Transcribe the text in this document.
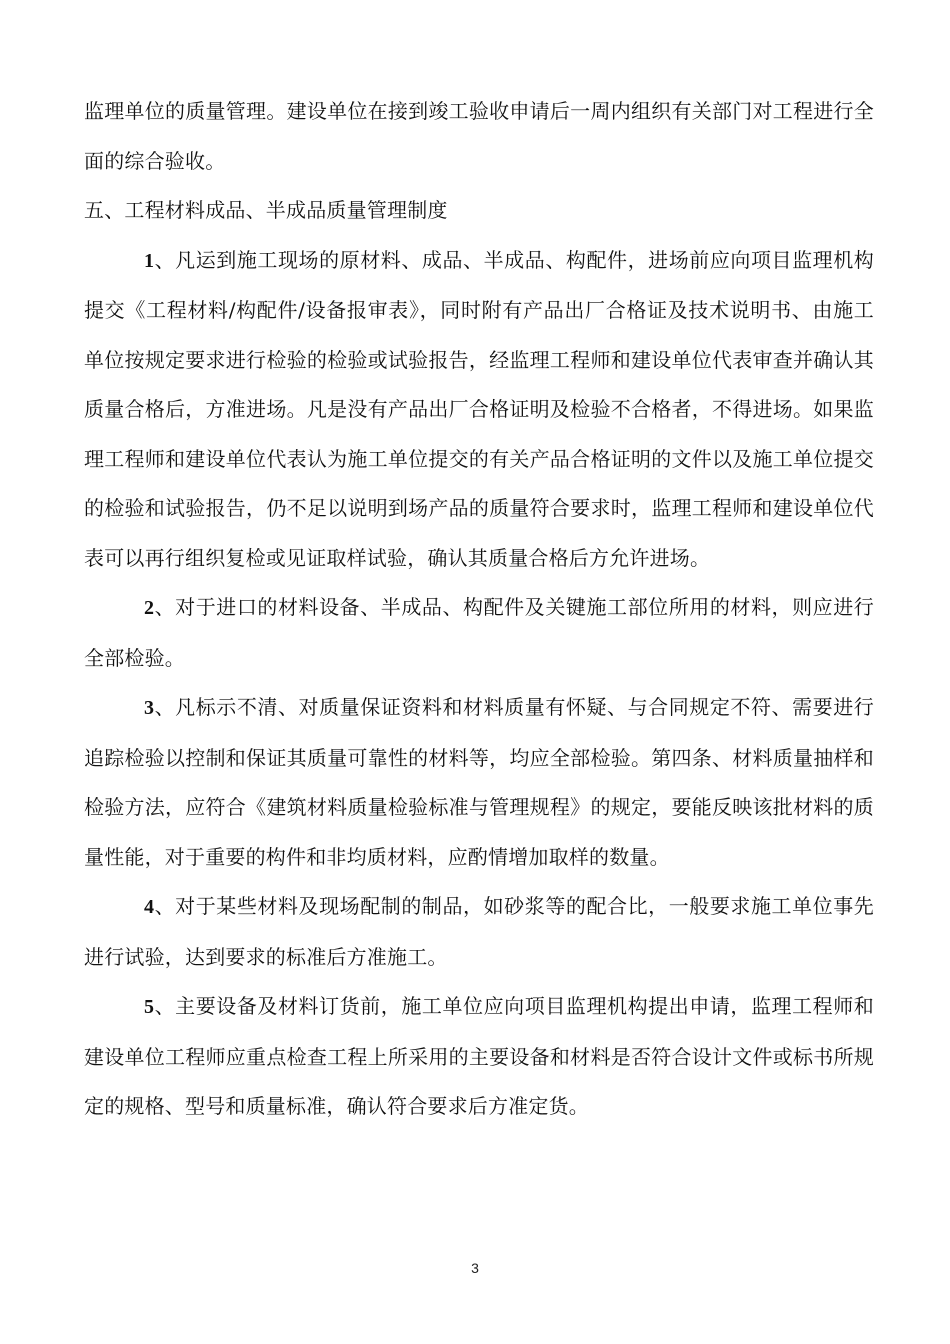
监理单位的质量管理。建设单位在接到竣工验收申请后一周内组织有关部门对工程进行全面的综合验收。

五、工程材料成品、半成品质量管理制度

1、凡运到施工现场的原材料、成品、半成品、构配件，进场前应向项目监理机构提交《工程材料/构配件/设备报审表》，同时附有产品出厂合格证及技术说明书、由施工单位按规定要求进行检验的检验或试验报告，经监理工程师和建设单位代表审查并确认其质量合格后，方准进场。凡是没有产品出厂合格证明及检验不合格者，不得进场。如果监理工程师和建设单位代表认为施工单位提交的有关产品合格证明的文件以及施工单位提交的检验和试验报告，仍不足以说明到场产品的质量符合要求时，监理工程师和建设单位代表可以再行组织复检或见证取样试验，确认其质量合格后方允许进场。

2、对于进口的材料设备、半成品、构配件及关键施工部位所用的材料，则应进行全部检验。

3、凡标示不清、对质量保证资料和材料质量有怀疑、与合同规定不符、需要进行追踪检验以控制和保证其质量可靠性的材料等，均应全部检验。第四条、材料质量抽样和检验方法，应符合《建筑材料质量检验标准与管理规程》的规定，要能反映该批材料的质量性能，对于重要的构件和非均质材料，应酌情增加取样的数量。

4、对于某些材料及现场配制的制品，如砂浆等的配合比，一般要求施工单位事先进行试验，达到要求的标准后方准施工。

5、主要设备及材料订货前，施工单位应向项目监理机构提出申请，监理工程师和建设单位工程师应重点检查工程上所采用的主要设备和材料是否符合设计文件或标书所规定的规格、型号和质量标准，确认符合要求后方准定货。

3
